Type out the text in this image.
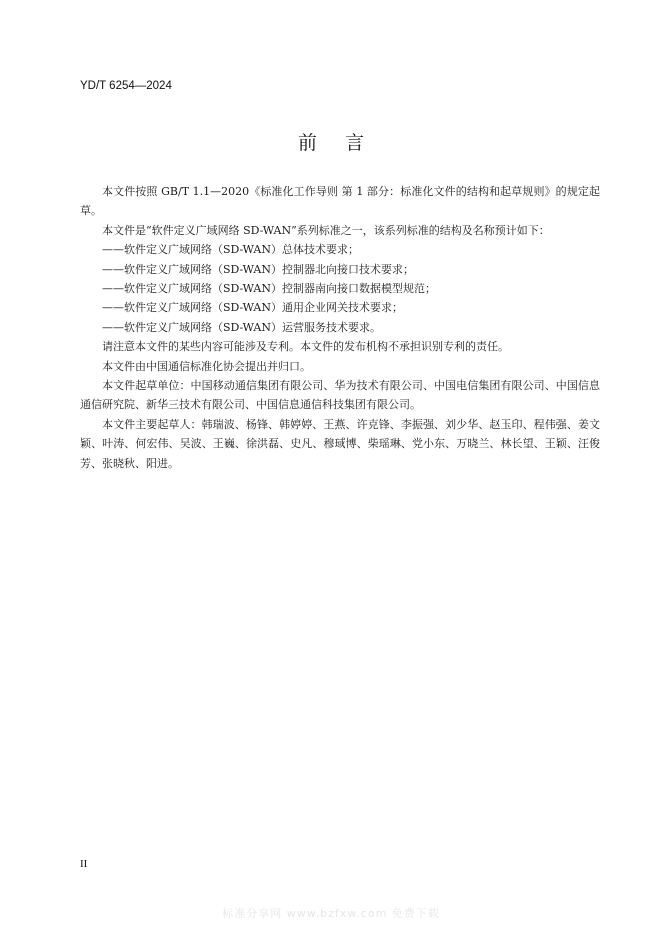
YD/T 6254—2024
前言

本文件按照 GB/T 1.1—2020《标准化工作导则 第 1 部分：标准化文件的结构和起草规则》的规定起草。

本文件是“软件定义广域网络 SD-WAN”系列标准之一，该系列标准的结构及名称预计如下：

——软件定义广域网络（SD-WAN）总体技术要求；

——软件定义广域网络（SD-WAN）控制器北向接口技术要求；

——软件定义广域网络（SD-WAN）控制器南向接口数据模型规范；

——软件定义广域网络（SD-WAN）通用企业网关技术要求；

——软件定义广域网络（SD-WAN）运营服务技术要求。

请注意本文件的某些内容可能涉及专利。本文件的发布机构不承担识别专利的责任。

本文件由中国通信标准化协会提出并归口。

本文件起草单位：中国移动通信集团有限公司、华为技术有限公司、中国电信集团有限公司、中国信息通信研究院、新华三技术有限公司、中国信息通信科技集团有限公司。

本文件主要起草人：韩瑞波、杨锋、韩婷婷、王燕、许克锋、李振强、刘少华、赵玉印、程伟强、姜文颖、叶涛、何宏伟、吴波、王巍、徐洪磊、史凡、穆琙博、柴瑶琳、党小东、万晓兰、林长望、王颖、汪俊芳、张晓秋、阳进。

II
标准分享网 www.bzfxw.com 免费下载
